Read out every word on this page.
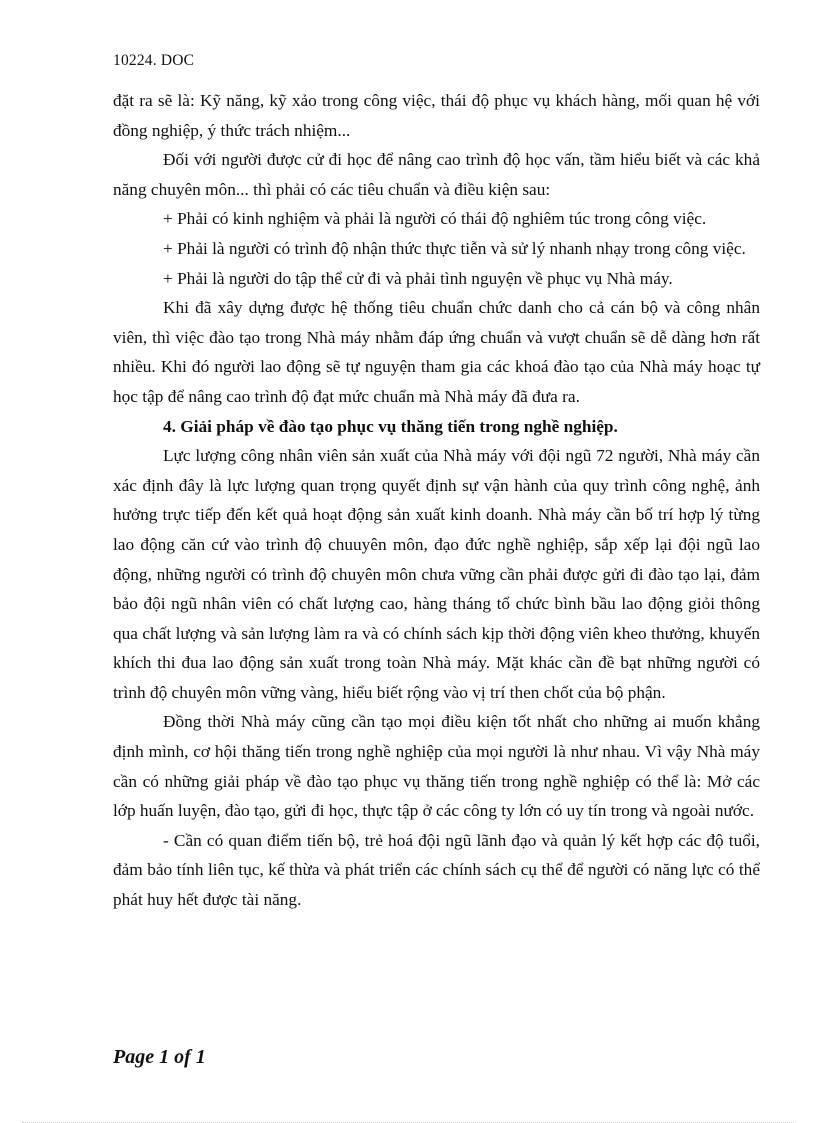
10224. DOC

đặt ra sẽ là: Kỹ năng, kỹ xảo trong công việc, thái độ phục vụ khách hàng, mối quan hệ với đồng nghiệp, ý thức trách nhiệm...

Đối với người được cử đi học để nâng cao trình độ học vấn, tầm hiểu biết và các khả năng chuyên môn... thì phải có các tiêu chuẩn và điều kiện sau:

+ Phải có kinh nghiệm và phải là người có thái độ nghiêm túc trong công việc.

+ Phải là người có trình độ nhận thức thực tiễn và sử lý nhanh nhạy trong công việc.

+ Phải là người do tập thể cử đi và phải tình nguyện về phục vụ Nhà máy.

Khi đã xây dựng được hệ thống tiêu chuẩn chức danh cho cả cán bộ và công nhân viên, thì việc đào tạo trong Nhà máy nhằm đáp ứng chuẩn và vượt chuẩn sẽ dễ dàng hơn rất nhiều. Khi đó người lao động sẽ tự nguyện tham gia các khoá đào tạo của Nhà máy hoạc tự học tập để nâng cao trình độ đạt mức chuẩn mà Nhà máy đã đưa ra.

4. Giải pháp về đào tạo phục vụ thăng tiến trong nghề nghiệp.

Lực lượng công nhân viên sản xuất của Nhà máy với đội ngũ 72 người, Nhà máy cần xác định đây là lực lượng quan trọng quyết định sự vận hành của quy trình công nghệ, ảnh hưởng trực tiếp đến kết quả hoạt động sản xuất kinh doanh. Nhà máy cần bố trí hợp lý từng lao động căn cứ vào trình độ chuuyên môn, đạo đức nghề nghiệp, sắp xếp lại đội ngũ lao động, những người có trình độ chuyên môn chưa vững cần phải được gửi đi đào tạo lại, đảm bảo đội ngũ nhân viên có chất lượng cao, hàng tháng tổ chức bình bầu lao động giỏi thông qua chất lượng và sản lượng làm ra và có chính sách kịp thời động viên kheo thưởng, khuyến khích thi đua lao động sản xuất trong toàn Nhà máy. Mặt khác cần đề bạt những người có trình độ chuyên môn vững vàng, hiểu biết rộng vào vị trí then chốt của bộ phận.

Đồng thời Nhà máy cũng cần tạo mọi điều kiện tốt nhất cho những ai muốn khẳng định mình, cơ hội thăng tiến trong nghề nghiệp của mọi người là như nhau. Vì vậy Nhà máy cần có những giải pháp về đào tạo phục vụ thăng tiến trong nghề nghiệp có thể là: Mở các lớp huấn luyện, đào tạo, gửi đi học, thực tập ở các công ty lớn có uy tín trong và ngoài nước.

- Cần có quan điểm tiến bộ, trẻ hoá đội ngũ lãnh đạo và quản lý kết hợp các độ tuổi, đảm bảo tính liên tục, kế thừa và phát triển các chính sách cụ thể để người có năng lực có thể phát huy hết được tài năng.

Page 1 of 1
